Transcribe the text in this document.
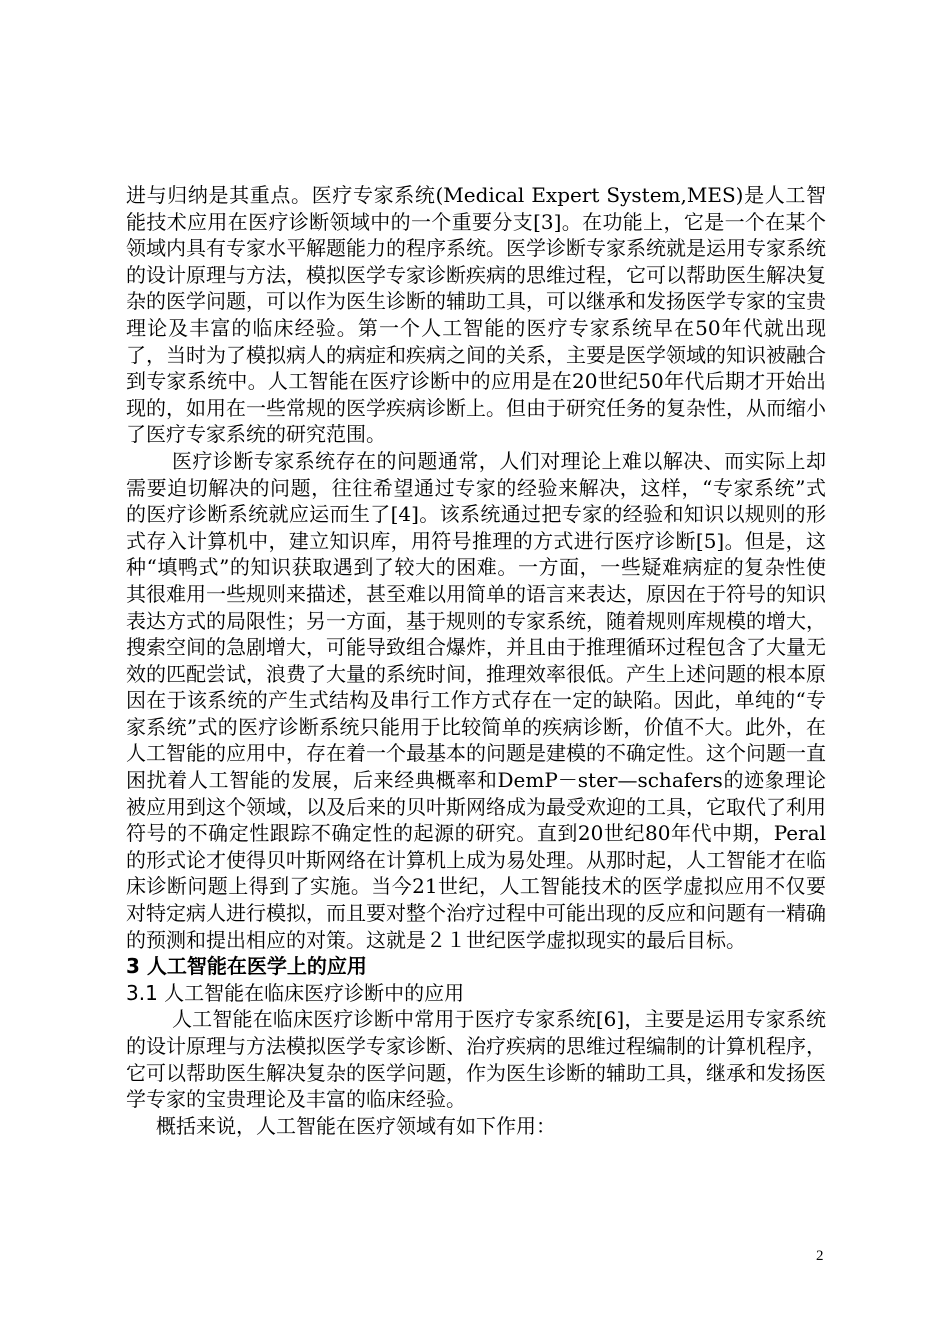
进与归纳是其重点。医疗专家系统(Medical Expert System,MES)是人工智能技术应用在医疗诊断领域中的一个重要分支[3]。在功能上，它是一个在某个领域内具有专家水平解题能力的程序系统。医学诊断专家系统就是运用专家系统的设计原理与方法，模拟医学专家诊断疾病的思维过程，它可以帮助医生解决复杂的医学问题，可以作为医生诊断的辅助工具，可以继承和发扬医学专家的宝贵理论及丰富的临床经验。第一个人工智能的医疗专家系统早在50年代就出现了，当时为了模拟病人的病症和疾病之间的关系，主要是医学领域的知识被融合到专家系统中。人工智能在医疗诊断中的应用是在20世纪50年代后期才开始出现的，如用在一些常规的医学疾病诊断上。但由于研究任务的复杂性，从而缩小了医疗专家系统的研究范围。

医疗诊断专家系统存在的问题通常，人们对理论上难以解决、而实际上却需要迫切解决的问题，往往希望通过专家的经验来解决，这样，“专家系统”式的医疗诊断系统就应运而生了[4]。该系统通过把专家的经验和知识以规则的形式存入计算机中，建立知识库，用符号推理的方式进行医疗诊断[5]。但是，这种“填鸭式”的知识获取遇到了较大的困难。一方面，一些疑难病症的复杂性使其很难用一些规则来描述，甚至难以用简单的语言来表达，原因在于符号的知识表达方式的局限性；另一方面，基于规则的专家系统，随着规则库规模的增大，搜索空间的急剧增大，可能导致组合爆炸，并且由于推理循环过程包含了大量无效的匹配尝试，浪费了大量的系统时间，推理效率很低。产生上述问题的根本原因在于该系统的产生式结构及串行工作方式存在一定的缺陷。因此，单纯的“专家系统”式的医疗诊断系统只能用于比较简单的疾病诊断，价值不大。此外，在人工智能的应用中，存在着一个最基本的问题是建模的不确定性。这个问题一直困扰着人工智能的发展，后来经典概率和DemP－ster—schafers的迹象理论被应用到这个领域，以及后来的贝叶斯网络成为最受欢迎的工具，它取代了利用符号的不确定性跟踪不确定性的起源的研究。直到20世纪80年代中期，Peral的形式论才使得贝叶斯网络在计算机上成为易处理。从那时起，人工智能才在临床诊断问题上得到了实施。当今21世纪，人工智能技术的医学虚拟应用不仅要对特定病人进行模拟，而且要对整个治疗过程中可能出现的反应和问题有一精确的预测和提出相应的对策。这就是２１世纪医学虚拟现实的最后目标。

3 人工智能在医学上的应用

3.1 人工智能在临床医疗诊断中的应用

人工智能在临床医疗诊断中常用于医疗专家系统[6]，主要是运用专家系统的设计原理与方法模拟医学专家诊断、治疗疾病的思维过程编制的计算机程序，它可以帮助医生解决复杂的医学问题，作为医生诊断的辅助工具，继承和发扬医学专家的宝贵理论及丰富的临床经验。

概括来说，人工智能在医疗领域有如下作用：

2
